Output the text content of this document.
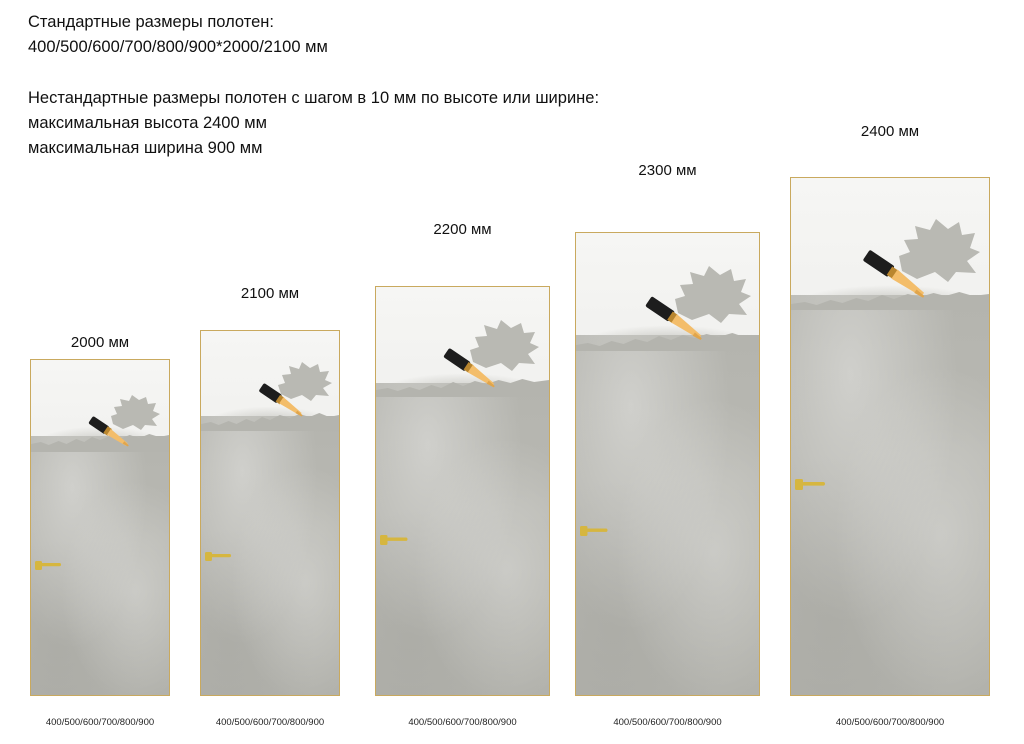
Стандартные размеры полотен:
400/500/600/700/800/900*2000/2100 мм
Нестандартные размеры полотен с шагом в 10 мм по высоте или ширине:
максимальная высота 2400 мм
максимальная ширина 900 мм
2000 мм
400/500/600/700/800/900
2100 мм
400/500/600/700/800/900
2200 мм
400/500/600/700/800/900
2300 мм
400/500/600/700/800/900
2400 мм
400/500/600/700/800/900
